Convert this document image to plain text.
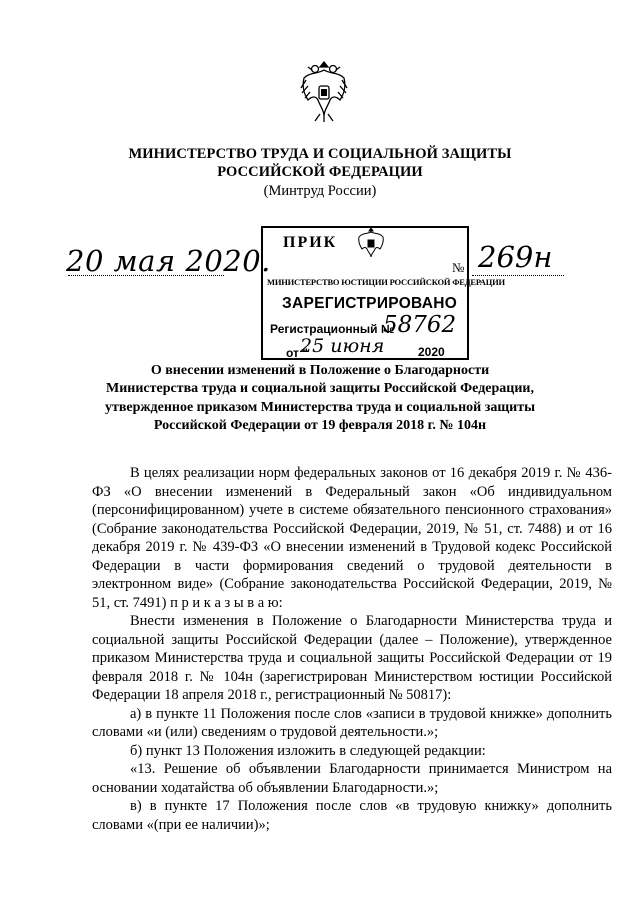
МИНИСТЕРСТВО ТРУДА И СОЦИАЛЬНОЙ ЗАЩИТЫ
РОССИЙСКОЙ ФЕДЕРАЦИИ
(Минтруд России)
20 мая 2020.
ПРИК
МИНИСТЕРСТВО ЮСТИЦИИ РОССИЙСКОЙ ФЕДЕРАЦИИ
ЗАРЕГИСТРИРОВАНО
Регистрационный №
58762
от "
25 июня	2020
№ 269н
О внесении изменений в Положение о Благодарности
Министерства труда и социальной защиты Российской Федерации,
утвержденное приказом Министерства труда и социальной защиты
Российской Федерации от 19 февраля 2018 г. № 104н

В целях реализации норм федеральных законов от 16 декабря 2019 г. № 436-ФЗ «О внесении изменений в Федеральный закон «Об индивидуальном (персонифицированном) учете в системе обязательного пенсионного страхования» (Собрание законодательства Российской Федерации, 2019, № 51, ст. 7488) и от 16 декабря 2019 г. № 439-ФЗ «О внесении изменений в Трудовой кодекс Российской Федерации в части формирования сведений о трудовой деятельности в электронном виде» (Собрание законодательства Российской Федерации, 2019, № 51, ст. 7491) п р и к а з ы в а ю:

Внести изменения в Положение о Благодарности Министерства труда и социальной защиты Российской Федерации (далее – Положение), утвержденное приказом Министерства труда и социальной защиты Российской Федерации от 19 февраля 2018 г. № 104н (зарегистрирован Министерством юстиции Российской Федерации 18 апреля 2018 г., регистрационный № 50817):

а) в пункте 11 Положения после слов «записи в трудовой книжке» дополнить словами «и (или) сведениям о трудовой деятельности.»;

б) пункт 13 Положения изложить в следующей редакции:

«13. Решение об объявлении Благодарности принимается Министром на основании ходатайства об объявлении Благодарности.»;

в) в пункте 17 Положения после слов «в трудовую книжку» дополнить словами «(при ее наличии)»;
